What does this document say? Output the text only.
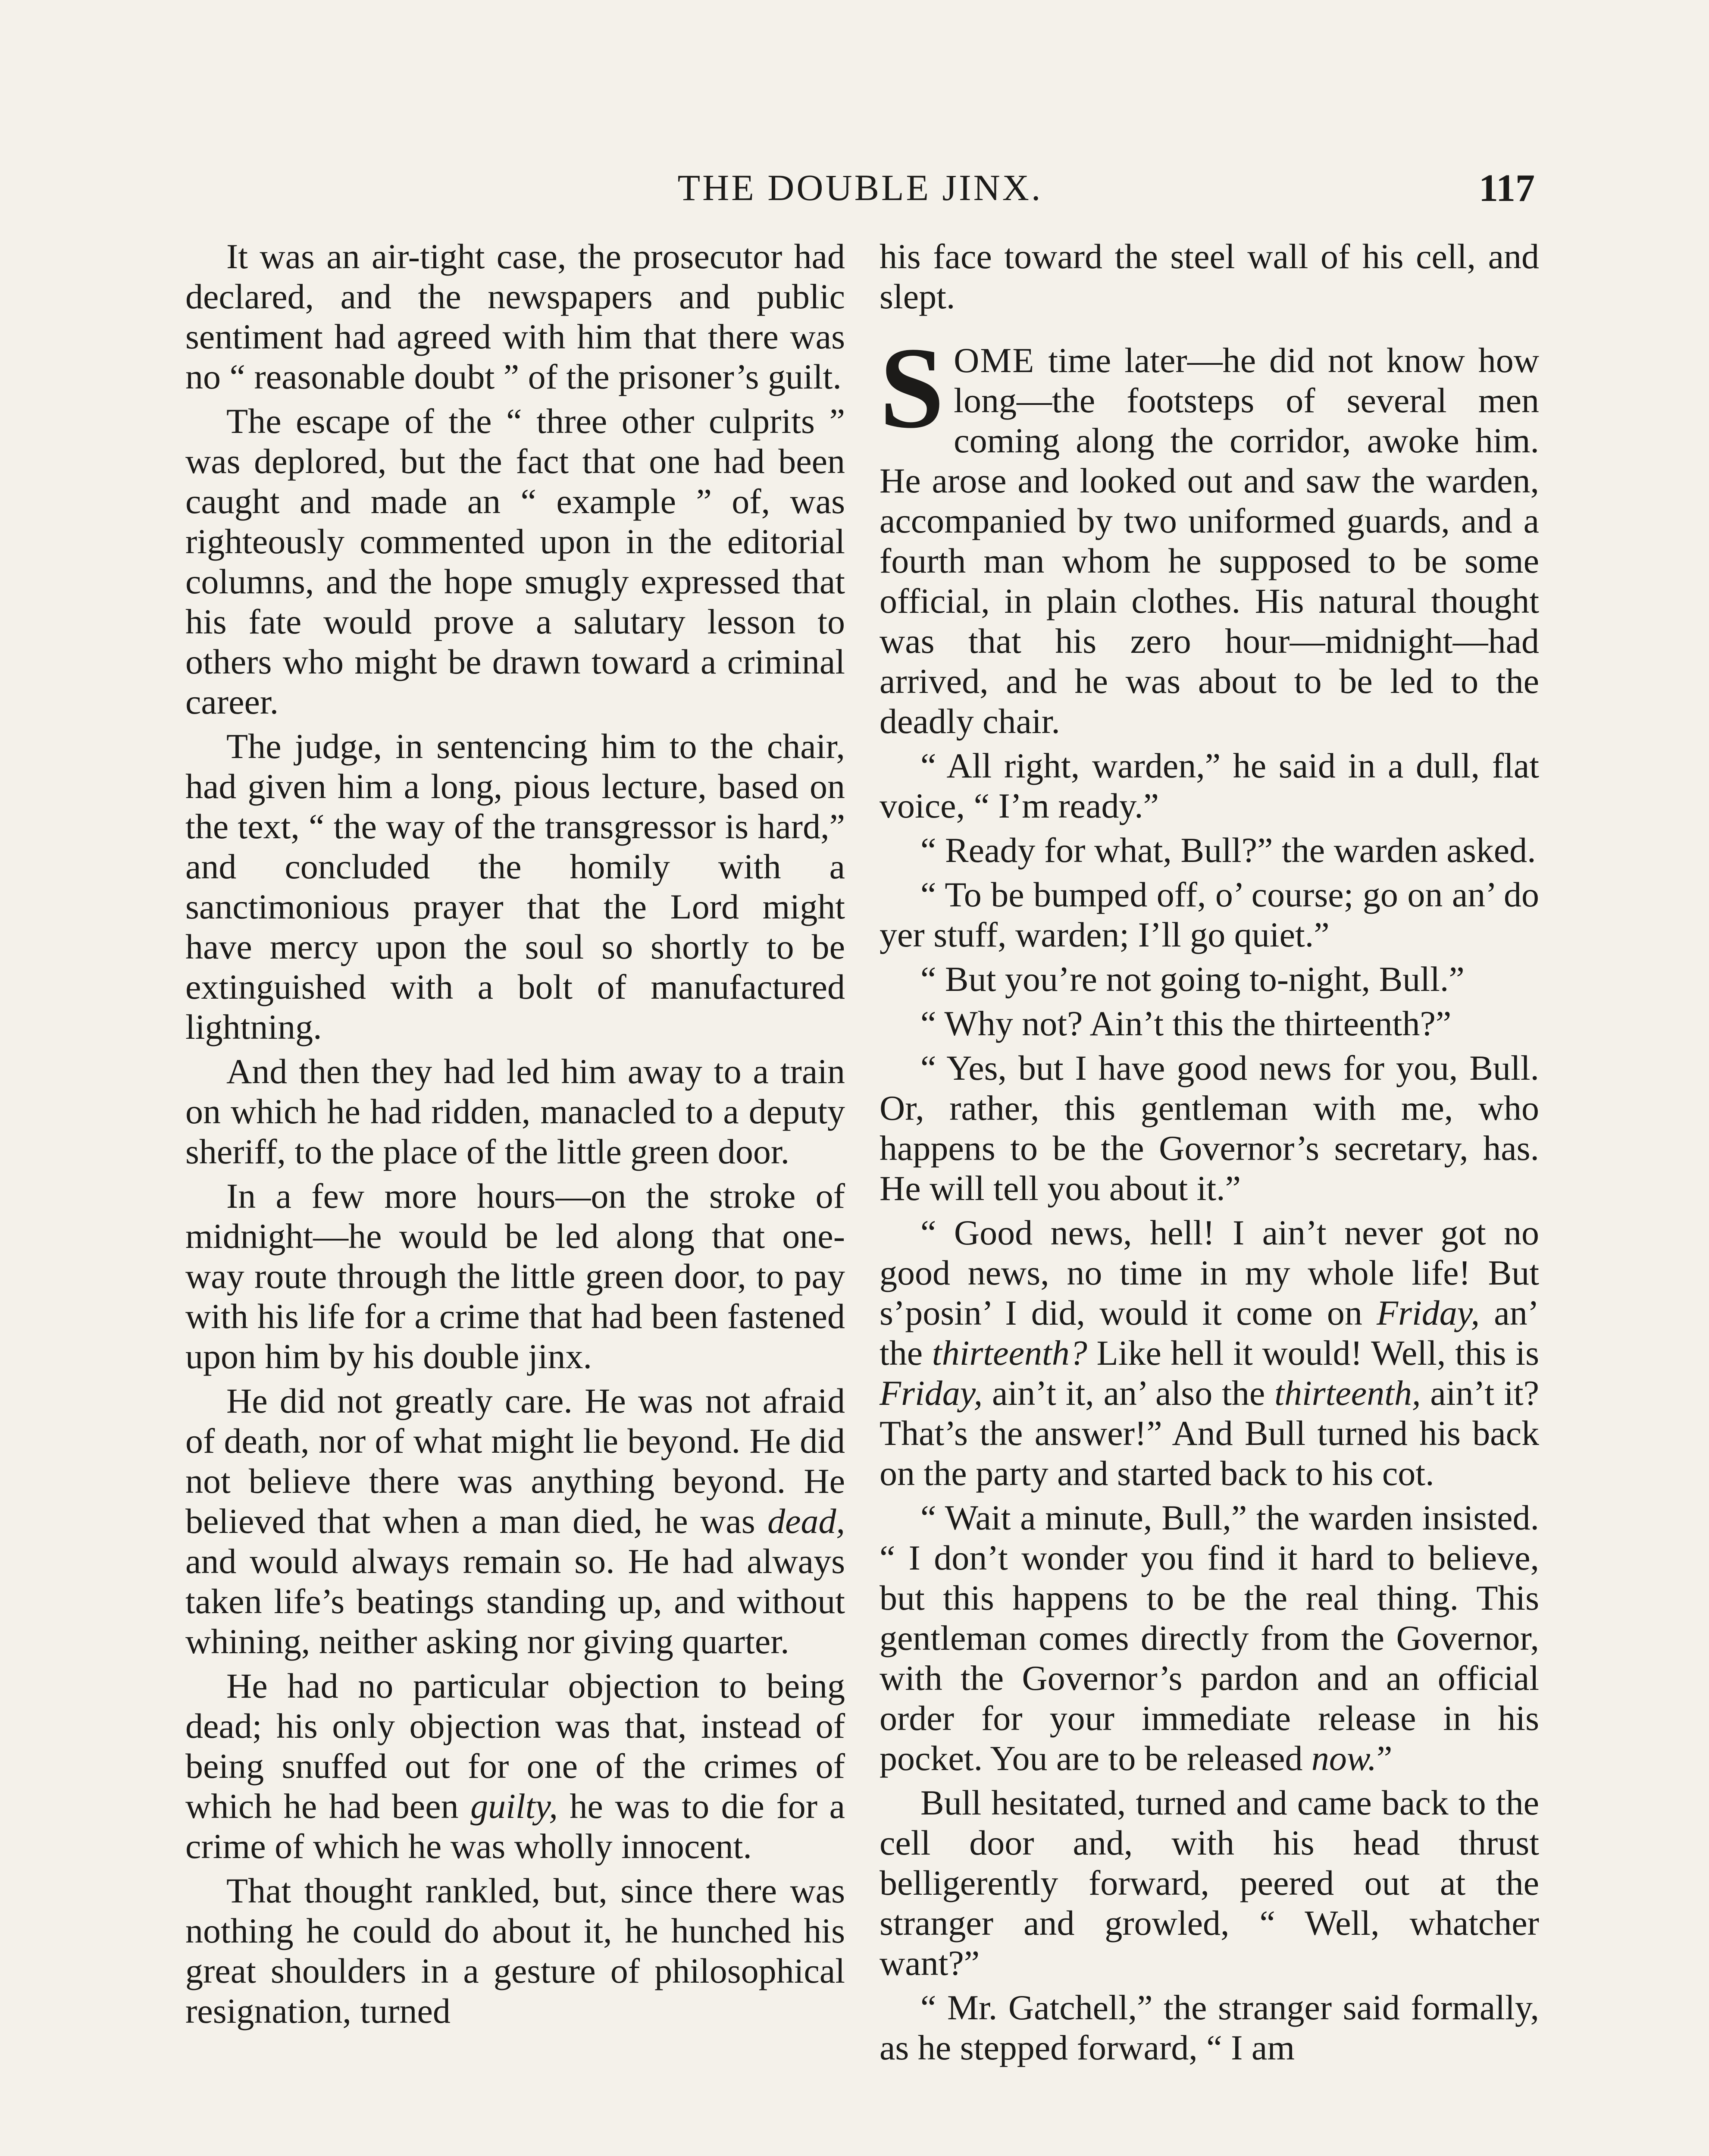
THE DOUBLE JINX.	117

It was an air-tight case, the prosecutor had declared, and the newspapers and public sentiment had agreed with him that there was no “ reasonable doubt ” of the prisoner’s guilt.

The escape of the “ three other culprits ” was deplored, but the fact that one had been caught and made an “ example ” of, was righteously commented upon in the editorial columns, and the hope smugly expressed that his fate would prove a salutary lesson to others who might be drawn toward a criminal career.

The judge, in sentencing him to the chair, had given him a long, pious lecture, based on the text, “ the way of the transgressor is hard,” and concluded the homily with a sanctimonious prayer that the Lord might have mercy upon the soul so shortly to be extinguished with a bolt of manufactured lightning.

And then they had led him away to a train on which he had ridden, manacled to a deputy sheriff, to the place of the little green door.

In a few more hours—on the stroke of midnight—he would be led along that one-way route through the little green door, to pay with his life for a crime that had been fastened upon him by his double jinx.

He did not greatly care. He was not afraid of death, nor of what might lie beyond. He did not believe there was anything beyond. He believed that when a man died, he was dead, and would always remain so. He had always taken life’s beatings standing up, and without whining, neither asking nor giving quarter.

He had no particular objection to being dead; his only objection was that, instead of being snuffed out for one of the crimes of which he had been guilty, he was to die for a crime of which he was wholly innocent.

That thought rankled, but, since there was nothing he could do about it, he hunched his great shoulders in a gesture of philosophical resignation, turned

his face toward the steel wall of his cell, and slept.

SOME time later—he did not know how long—the footsteps of several men coming along the corridor, awoke him. He arose and looked out and saw the warden, accompanied by two uniformed guards, and a fourth man whom he supposed to be some official, in plain clothes. His natural thought was that his zero hour—midnight—had arrived, and he was about to be led to the deadly chair.

“ All right, warden,” he said in a dull, flat voice, “ I’m ready.”

“ Ready for what, Bull?” the warden asked.

“ To be bumped off, o’ course; go on an’ do yer stuff, warden; I’ll go quiet.”

“ But you’re not going to-night, Bull.”

“ Why not? Ain’t this the thirteenth?”

“ Yes, but I have good news for you, Bull. Or, rather, this gentleman with me, who happens to be the Governor’s secretary, has. He will tell you about it.”

“ Good news, hell! I ain’t never got no good news, no time in my whole life! But s’posin’ I did, would it come on Friday, an’ the thirteenth? Like hell it would! Well, this is Friday, ain’t it, an’ also the thirteenth, ain’t it? That’s the answer!” And Bull turned his back on the party and started back to his cot.

“ Wait a minute, Bull,” the warden insisted. “ I don’t wonder you find it hard to believe, but this happens to be the real thing. This gentleman comes directly from the Governor, with the Governor’s pardon and an official order for your immediate release in his pocket. You are to be released now.”

Bull hesitated, turned and came back to the cell door and, with his head thrust belligerently forward, peered out at the stranger and growled, “ Well, whatcher want?”

“ Mr. Gatchell,” the stranger said formally, as he stepped forward, “ I am
